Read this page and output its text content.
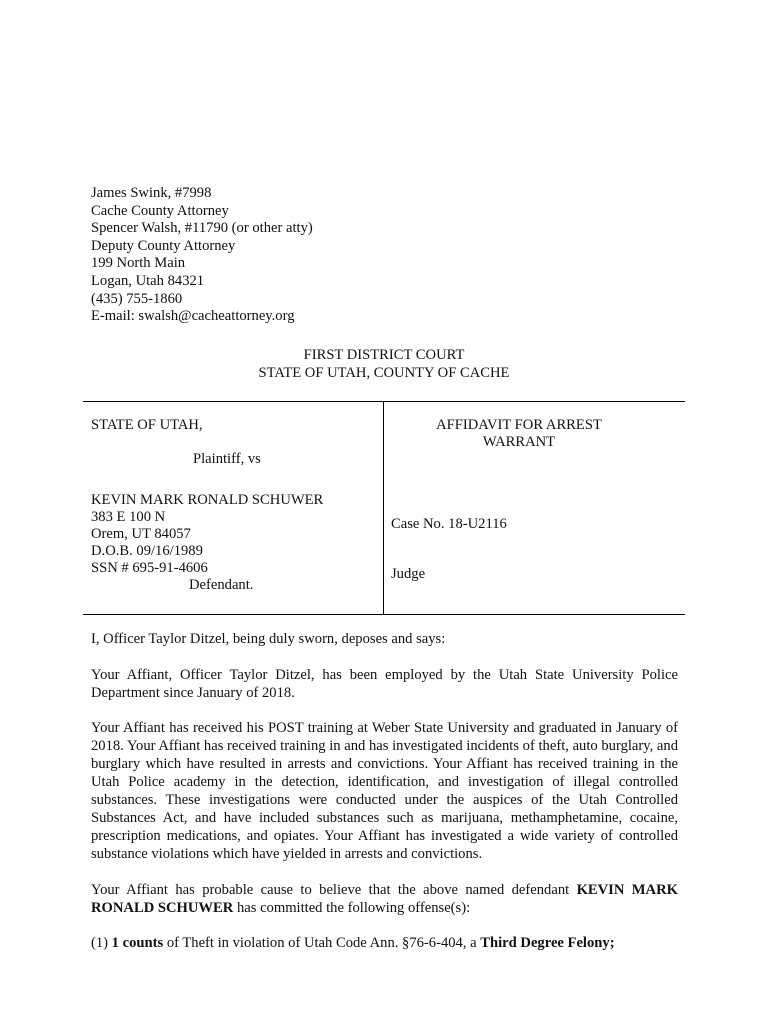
James Swink, #7998
Cache County Attorney
Spencer Walsh, #11790 (or other atty)
Deputy County Attorney
199 North Main
Logan, Utah 84321
(435) 755-1860
E-mail: swalsh@cacheattorney.org
FIRST DISTRICT COURT
STATE OF UTAH, COUNTY OF CACHE
STATE OF UTAH,
Plaintiff, vs
KEVIN MARK RONALD SCHUWER
383 E 100 N
Orem, UT 84057
D.O.B. 09/16/1989
SSN # 695-91-4606
Defendant.
AFFIDAVIT FOR ARREST
WARRANT
Case No. 18-U2116
Judge
I, Officer Taylor Ditzel, being duly sworn, deposes and says:
Your Affiant, Officer Taylor Ditzel, has been employed by the Utah State University Police Department since January of 2018.
Your Affiant has received his POST training at Weber State University and graduated in January of 2018. Your Affiant has received training in and has investigated incidents of theft, auto burglary, and burglary which have resulted in arrests and convictions. Your Affiant has received training in the Utah Police academy in the detection, identification, and investigation of illegal controlled substances. These investigations were conducted under the auspices of the Utah Controlled Substances Act, and have included substances such as marijuana, methamphetamine, cocaine, prescription medications, and opiates. Your Affiant has investigated a wide variety of controlled substance violations which have yielded in arrests and convictions.
Your Affiant has probable cause to believe that the above named defendant KEVIN MARK RONALD SCHUWER has committed the following offense(s):
(1) 1 counts of Theft in violation of Utah Code Ann. §76-6-404, a Third Degree Felony;
